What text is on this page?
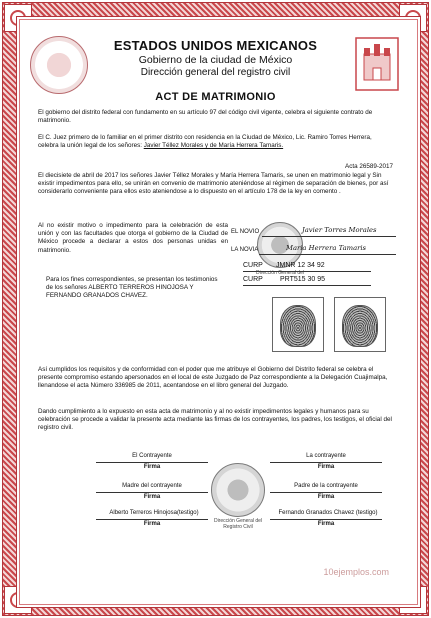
ESTADOS UNIDOS MEXICANOS
Gobierno de la ciudad de México
Dirección general del registro civil
ACT DE MATRIMONIO
El gobierno del distrito federal con fundamento en su artículo 97 del código civil vigente, celebra el siguiente contrato de matrimonio.
El C. Juez primero de lo familiar en el primer distrito con residencia en la Ciudad de México, Lic. Ramiro Torres Herrera, celebra la unión legal de los señores: Javier Téllez Morales y de María Herrera Tamaris.
Acta 26589-2017
El diecisiete de abril de 2017 los señores Javier Téllez Morales y María Herrera Tamaris, se unen en matrimonio legal y Sin existir impedimentos para ello, se unirán en convenio de matrimonio ateniéndose al régimen de separación de bienes, por así considerarlo conveniente para ellos esto ateniendose a lo dispuesto en el artículo 178 de la ley en comento .
Al no existir motivo o impedimento para la celebración de esta unión y con las facultades que otorga el gobierno de la Ciudad de México procede a declarar a estos dos personas unidas en matrimonio.
Para los fines correspondientes, se presentan los testimonios de los señores ALBERTO TERREROS HINOJOSA Y FERNANDO GRANADOS CHAVEZ.
Dirección General del
EL NOVIO	Javier Torres Morales
LA NOVIA	Maria Herrera Tamaris
CURP JMNR 12 34 92
CURP PRT515 30 95
Así cumplidos los requisitos y de conformidad con el poder que me atribuye el Gobierno del Distrito federal se celebra el presente compromiso estando apersonados en el local de este Juzgado de Paz correspondiente a la Delegación Cuajimalpa, llenandose el acta Número 336985 de 2011, acentandose en el libro general del Juzgado.
Dando cumplimiento a lo expuesto en esta acta de matrimonio y al no existir impedimentos legales y humanos para su celebración se procede a validar la presente acta mediante las firmas de los contrayentes, los padres, los testigos, el oficial del registro civil.
El Contrayente
Firma
La contrayente
Firma
Madre del contrayente
Firma
Padre de la contrayente
Firma
Alberto Terreros Hinojosa(testigo)
Firma
Fernando Granados Chavez (testigo)
Firma
Dirección General del
Registro Civil
10ejemplos.com
